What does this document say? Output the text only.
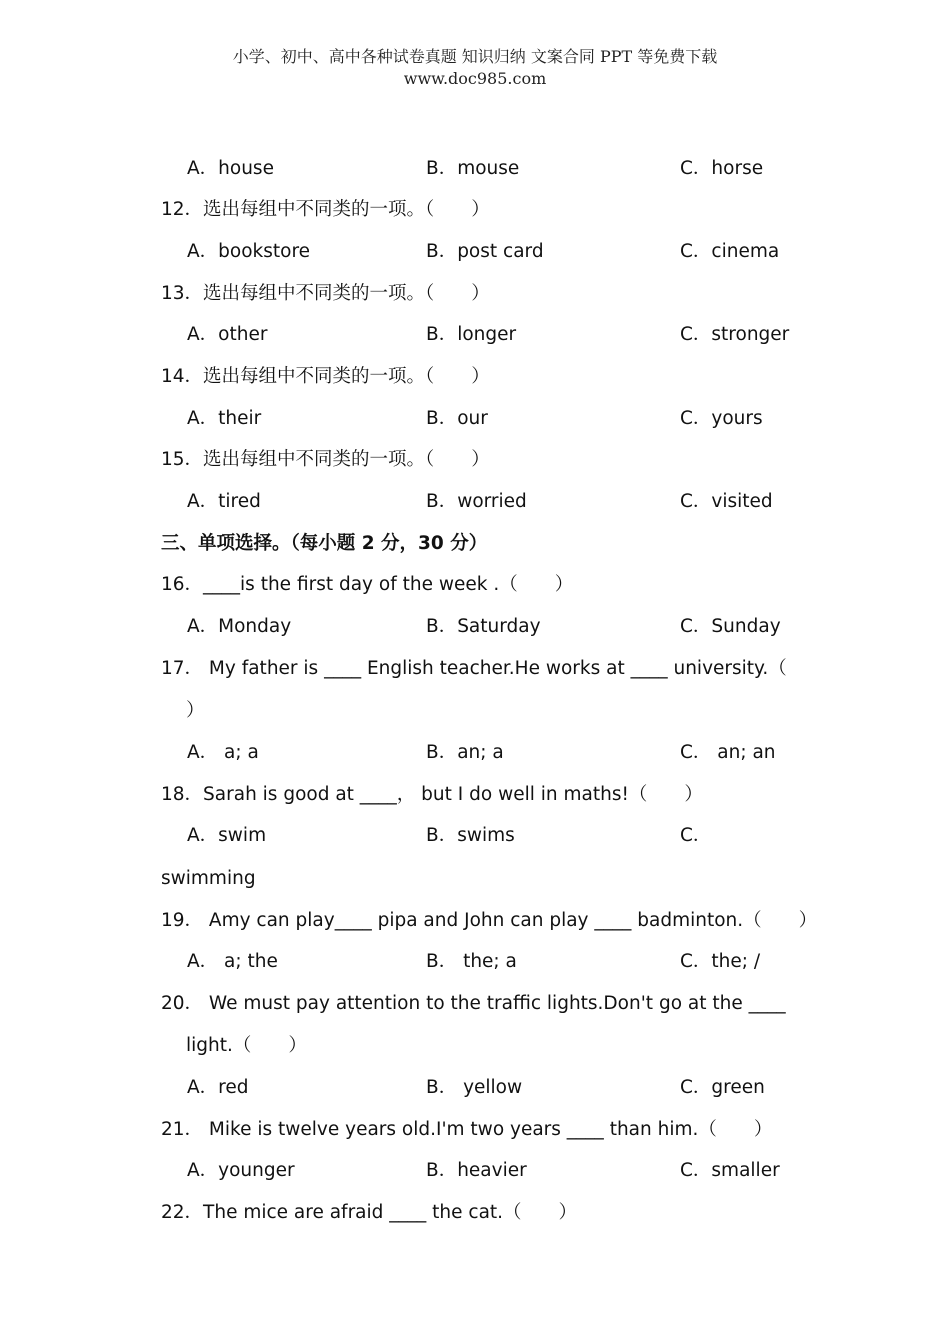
小学、初中、高中各种试卷真题 知识归纳 文案合同 PPT 等免费下载
www.doc985.com
A．house	B．mouse	C．horse
12．选出每组中不同类的一项。（　　）
A．bookstore	B．post card	C．cinema
13．选出每组中不同类的一项。（　　）
A．other	B．longer	C．stronger
14．选出每组中不同类的一项。（　　）
A．their	B．our	C．yours
15．选出每组中不同类的一项。（　　）
A．tired	B．worried	C．visited
三、单项选择。（每小题 2 分，30 分）
16．____is the first day of the week .（　　）
A．Monday	B．Saturday	C．Sunday
17． My father is ____ English teacher.He works at ____ university.（
）
A． a; a	B．an; a	C． an; an
18．Sarah is good at ____， but I do well in maths!（　　）
A．swim	B．swims	C．
swimming
19． Amy can play____ pipa and John can play ____ badminton.（　　）
A． a; the	B． the; a	C．the; /
20． We must pay attention to the traffic lights.Don't go at the ____
light.（　　）
A．red	B． yellow	C．green
21． Mike is twelve years old.I'm two years ____ than him.（　　）
A．younger	B．heavier	C．smaller
22．The mice are afraid ____ the cat.（　　）
